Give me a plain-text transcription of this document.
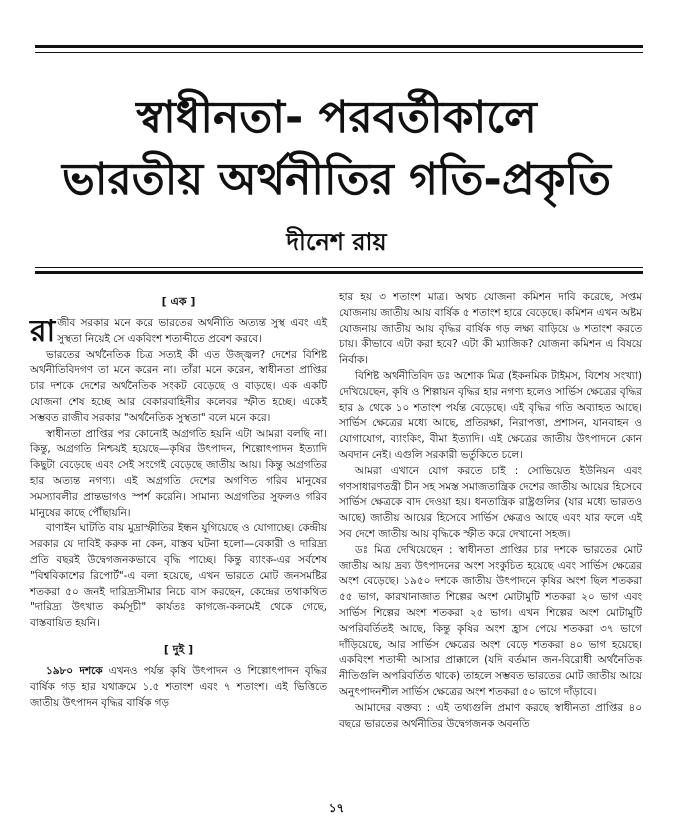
স্বাধীনতা- পরবর্তীকালে
ভারতীয় অর্থনীতির গতি-প্রকৃতি
দীনেশ রায়
[ এক ]

রাজীব সরকার মনে করে ভারতের অর্থনীতি অত্যন্ত সুস্থ এবং এই সুস্থতা নিয়েই সে একবিংশ শতাব্দীতে প্রবেশ করবে।

ভারতের অর্থনৈতিক চিত্র সত্যই কী এত উজ্জ্বল? দেশের বিশিষ্ট অর্থনীতিবিদগণ তা মনে করেন না। তাঁরা মনে করেন, স্বাধীনতা প্রাপ্তির চার দশকে দেশের অর্থনৈতিক সংকট বেড়েছে ও বাড়ছে। এক একটি যোজনা শেষ হচ্ছে আর বেকারবাহিনীর কলেবর স্ফীত হচ্ছে। একেই সম্ভবত রাজীব সরকার "অর্থনৈতিক সুস্থতা" বলে মনে করে।

স্বাধীনতা প্রাপ্তির পর কোনোই অগ্রগতি হয়নি এটা আমরা বলছি না। কিন্তু, অগ্রগতি নিশ্চয়ই হয়েছে—কৃষির উৎপাদন, শিল্পোৎপাদন ইত্যাদি কিছুটা বেড়েছে এবং সেই সংগেই বেড়েছে জাতীয় আয়। কিন্তু অগ্রগতির হার অত্যন্ত নগণ্য। এই অগ্রগতি দেশের অগণিত গরিব মানুষের সমস্যাবলীর প্রান্তভাগও স্পর্শ করেনি। সামান্য অগ্রগতির সুফলও গরিব মানুষের কাছে পৌঁছায়নি।

বাণাইন ঘাটতি বায় মুদ্রাস্ফীতির ইন্ধন যুগিয়েছে ও যোগাচ্ছে। কেন্দ্রীয় সরকার যে দাবিই করুক না কেন, বাস্তব ঘটনা হলো—বেকারী ও দারিদ্র্য প্রতি বছরই উদ্বেগজনকভাবে বৃদ্ধি পাচ্ছে। কিন্তু ব্যাংক-এর সর্বশেষ "বিশ্ববিকাশের রিপোর্ট"-এ বলা হয়েছে, এখন ভারতে মোট জনসমষ্টির শতকরা ৫০ জনই দারিদ্র্যসীমার নিচে বাস করছেন, কেন্দ্রের তথাকথিত "দারিদ্র্য উৎখাত কর্মসূচী" কার্যতঃ কাগজে-কলমেই থেকে গেছে, বাস্তবায়িত হয়নি।

[ দুই ]

১৯৮০ দশকে এখনও পর্যন্ত কৃষি উৎপাদন ও শিল্পোৎপাদন বৃদ্ধির বার্ষিক গড় হার যথাক্রমে ১.৫ শতাংশ এবং ৭ শতাংশ। এই ভিত্তিতে জাতীয় উৎপাদন বৃদ্ধির বার্ষিক গড়

হার হয় ৩ শতাংশ মাত্র। অথচ যোজনা কমিশন দাবি করেছে, সপ্তম যোজনায় জাতীয় আয় বার্ষিক ৫ শতাংশ হারে বেড়েছে। কমিশন এখন অষ্টম যোজনায় জাতীয় আয় বৃদ্ধির বার্ষিক গড় লক্ষ্য বাড়িয়ে ৬ শতাংশ করতে চায়। কীভাবে এটা করা হবে? এটা কী ম্যাজিক? যোজনা কমিশন এ বিষয়ে নির্বাক।

বিশিষ্ট অর্থনীতিবিদ ডঃ অশোক মিত্র (ইকনমিক টাইমস, বিশেষ সংখ্যা) দেখিয়েছেন, কৃষি ও শিল্পায়ন বৃদ্ধির হার নগণ্য হলেও সার্ভিস ক্ষেত্রের বৃদ্ধির হার ৯ থেকে ১০ শতাংশ পর্যন্ত বেড়েছে। এই বৃদ্ধির গতি অব্যাহত আছে। সার্ভিস ক্ষেত্রের মধ্যে আছে, প্রতিরক্ষা, নিরাপত্তা, প্রশাসন, যানবাহন ও যোগাযোগ, ব্যাংকিং, বীমা ইত্যাদি। এই ক্ষেত্রের জাতীয় উৎপাদনে কোন অবদান নেই। এগুলি সরকারী ভর্তুকিতে চলে।

আমরা এখানে যোগ করতে চাই : সোভিয়েত ইউনিয়ন এবং গণসাধারণতন্ত্রী চীন সহ সমস্ত সমাজতান্ত্রিক দেশের জাতীয় আয়ের হিসেবে সার্ভিস ক্ষেত্রকে বাদ দেওয়া হয়। ধনতান্ত্রিক রাষ্ট্রগুলির (যার মধ্যে ভারতও আছে) জাতীয় আয়ের হিসেবে সার্ভিস ক্ষেত্রও আছে এবং যার ফলে এই সব দেশে জাতীয় আয় বৃদ্ধিকে স্ফীত করে দেখানো সহজ।

ডঃ মিত্র দেখিয়েছেন : স্বাধীনতা প্রাপ্তির চার দশকে ভারতের মোট জাতীয় আয় দ্রব্য উৎপাদনের অংশ সংকুচিত হয়েছে এবং সার্ভিস ক্ষেত্রের অংশ বেড়েছে। ১৯৫০ দশকে জাতীয় উৎপাদনে কৃষির অংশ ছিল শতকরা ৫৫ ভাগ, কারখানাজাত শিল্পের অংশ মোটামুটি শতকরা ২০ ভাগ এবং সার্ভিস শিল্পের অংশ শতকরা ২৫ ভাগ। এখন শিল্পের অংশ মোটামুটি অপরিবর্তিতই আছে, কিন্তু কৃষির অংশ হ্রাস পেয়ে শতকরা ৩৭ ভাগে দাঁড়িয়েছে, আর সার্ভিস ক্ষেত্রের অংশ বেড়ে শতকরা ৪০ ভাগ হয়েছে। একবিংশ শতাব্দী আসার প্রাক্কালে (যদি বর্তমান জন-বিরোধী অর্থনৈতিক নীতিগুলি অপরিবর্তিত থাকে) তাহলে সম্ভবত ভারতের মোট জাতীয় আয়ে অনুৎপাদনশীল সার্ভিস ক্ষেত্রের অংশ শতকরা ৫০ ভাগে দাঁড়াবে।

আমাদের বক্তব্য : এই তথ্যগুলি প্রমাণ করছে স্বাধীনতা প্রাপ্তির ৪০ বছরে ভারতের অর্থনীতির উদ্বেগজনক অবনতি

১৭
